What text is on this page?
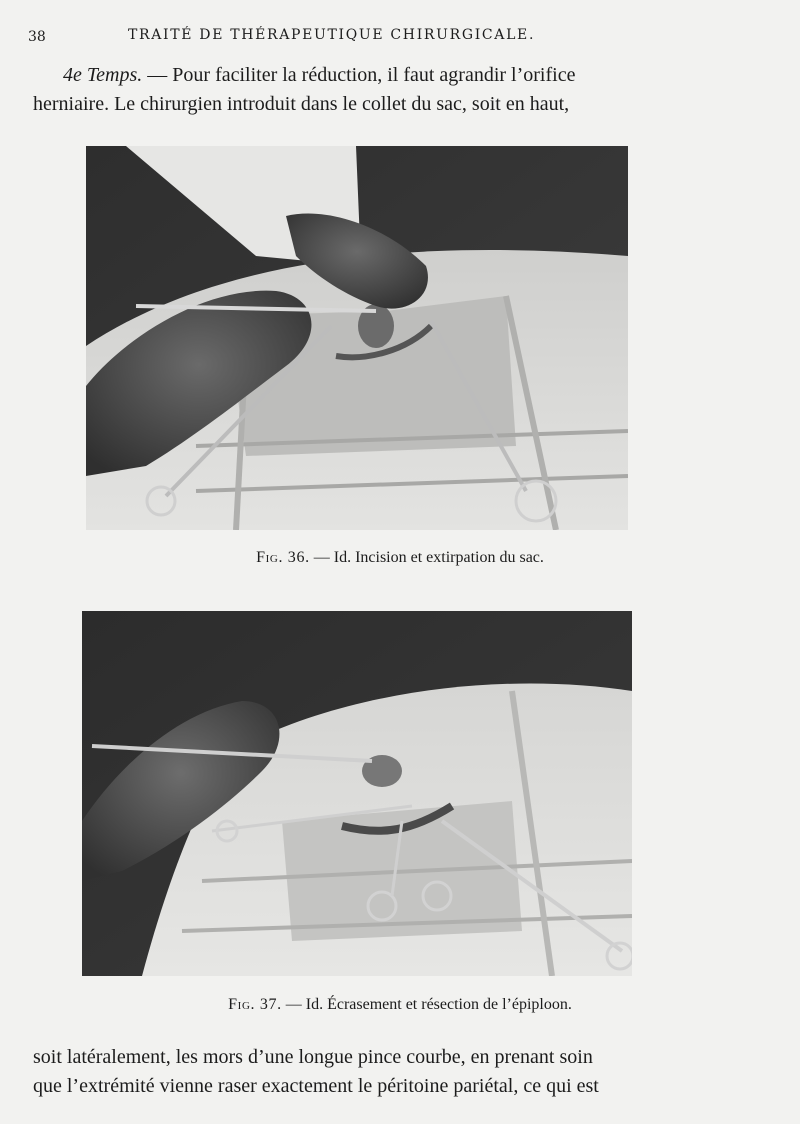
38	TRAITÉ DE THÉRAPEUTIQUE CHIRURGICALE.
4e Temps. — Pour faciliter la réduction, il faut agrandir l’orifice
herniaire. Le chirurgien introduit dans le collet du sac, soit en haut,
Fig. 36. — Id. Incision et extirpation du sac.
Fig. 37. — Id. Écrasement et résection de l’épiploon.
soit latéralement, les mors d’une longue pince courbe, en prenant soin
que l’extrémité vienne raser exactement le péritoine pariétal, ce qui est
